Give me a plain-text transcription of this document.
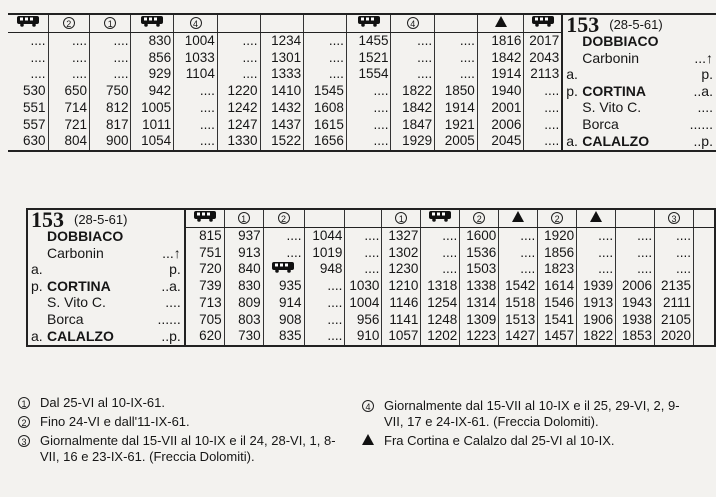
2	1		4					4

....	....	....	830	1004	....	1234	....	1455	....	....	1816	2017
....	....	....	856	1033	....	1301	....	1521	....	....	1842	2043
....	....	....	929	1104	....	1333	....	1554	....	....	1914	2113
530	650	750	942	....	1220	1410	1545	....	1822	1850	1940	....
551	714	812	1005	....	1242	1432	1608	....	1842	1914	2001	....
557	721	817	1011	....	1247	1437	1615	....	1847	1921	2006	....
630	804	900	1054	....	1330	1522	1656	....	1929	2005	2045	....
153 (28-5-61)
DOBBIACO
Carbonin	...↑
a.	p.
p. CORTINA	..a.
S. Vito C.	....
Borca	......
a. CALALZO	..p.
153 (28-5-61)
DOBBIACO
Carbonin	...↑
a.	p.
p. CORTINA	..a.
S. Vito C.	....
Borca	......
a. CALALZO	..p.

1	2			1		2		2			3	

815	937	....	1044	....	1327	....	1600	....	1920	....	....	....	
751	913	....	1019	....	1302	....	1536	....	1856	....	....	....	
720	840		948	....	1230	....	1503	....	1823	....	....	....	
739	830	935	....	1030	1210	1318	1338	1542	1614	1939	2006	2135	
713	809	914	....	1004	1146	1254	1314	1518	1546	1913	1943	2111	
705	803	908	....	956	1141	1248	1309	1513	1541	1906	1938	2105	
620	730	835	....	910	1057	1202	1223	1427	1457	1822	1853	2020	
1 Dal 25-VI al 10-IX-61.
2 Fino 24-VI e dall'11-IX-61.
3 Giornalmente dal 15-VII al 10-IX e il 24, 28-VI, 1, 8-VII, 16 e 23-IX-61. (Freccia Dolomiti).
4 Giornalmente dal 15-VII al 10-IX e il 25, 29-VI, 2, 9-VII, 17 e 24-IX-61. (Freccia Dolomiti).
Fra Cortina e Calalzo dal 25-VI al 10-IX.
